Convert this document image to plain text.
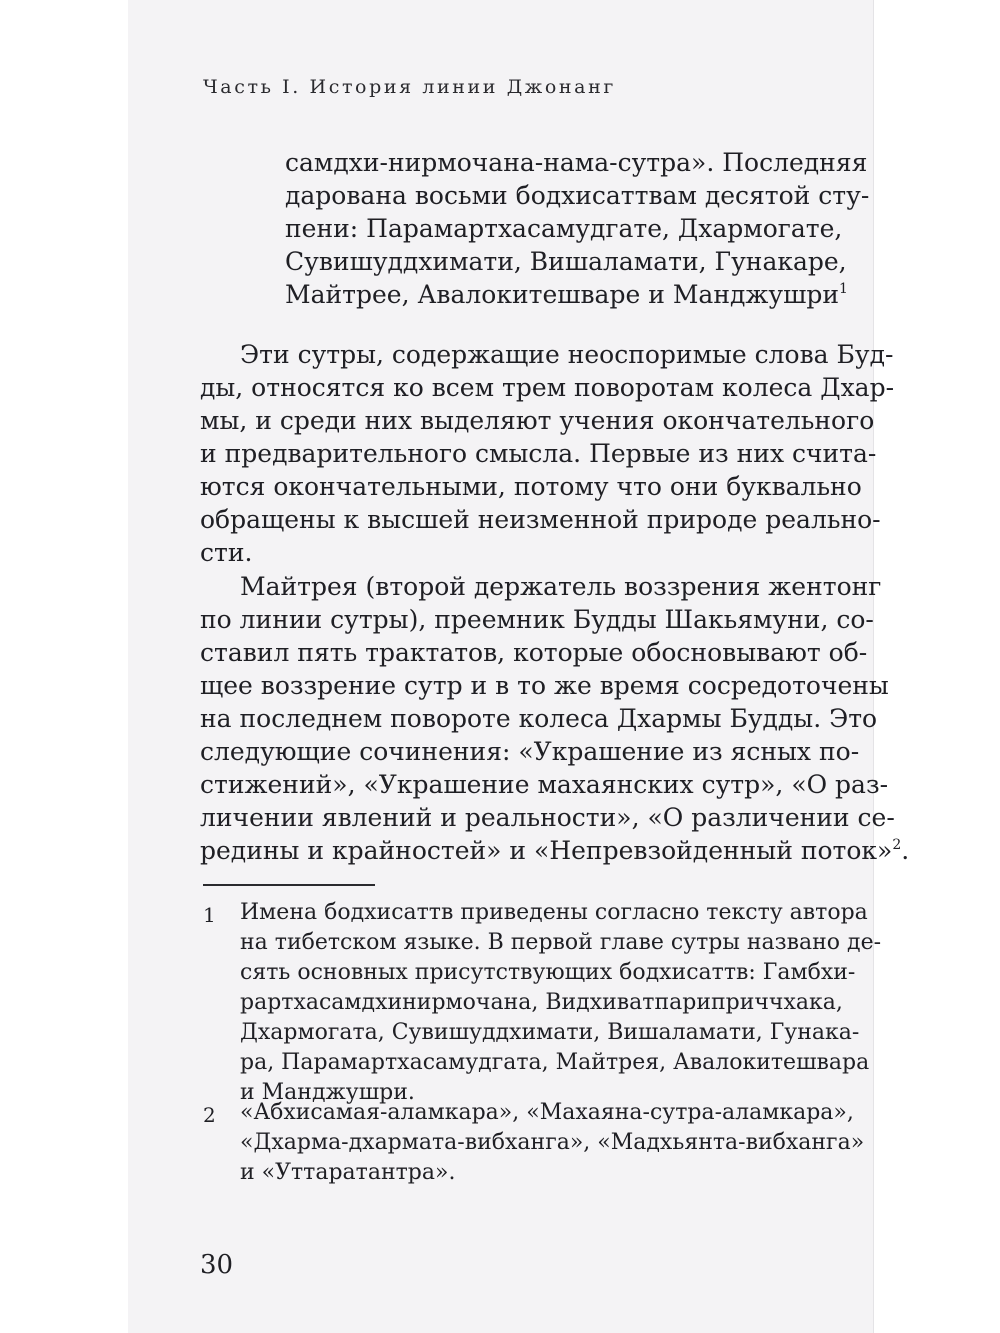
Часть I. История линии Джонанг
самдхи-нирмочана-нама-сутра». Последняя
дарована восьми бодхисаттвам десятой сту-
пени: Парамартхасамудгате, Дхармогате,
Сувишуддхимати, Вишаламати, Гунакаре,
Майтрее, Авалокитешваре и Манджушри$^1$
Эти сутры, содержащие неоспоримые слова Буд-
ды, относятся ко всем трем поворотам колеса Дхар-
мы, и среди них выделяют учения окончательного
и предварительного смысла. Первые из них счита-
ются окончательными, потому что они буквально
обращены к высшей неизменной природе реально-
сти.
Майтрея (второй держатель воззрения жентонг
по линии сутры), преемник Будды Шакьямуни, со-
ставил пять трактатов, которые обосновывают об-
щее воззрение сутр и в то же время сосредоточены
на последнем повороте колеса Дхармы Будды. Это
следующие сочинения: «Украшение из ясных по-
стижений», «Украшение махаянских сутр», «О раз-
личении явлений и реальности», «О различении се-
редины и крайностей» и «Непревзойденный поток»$^2$.
1 Имена бодхисаттв приведены согласно тексту автора
на тибетском языке. В первой главе сутры названо де-
сять основных присутствующих бодхисаттв: Гамбхи-
рартхасамдхинирмочана, Видхиватпариприччхака,
Дхармогата, Сувишуддхимати, Вишаламати, Гунака-
ра, Парамартхасамудгата, Майтрея, Авалокитешвара
и Манджушри.
2 «Абхисамая-аламкара», «Махаяна-сутра-аламкара»,
«Дхарма-дхармата-вибханга», «Мадхьянта-вибханга»
и «Уттаратантра».
30
